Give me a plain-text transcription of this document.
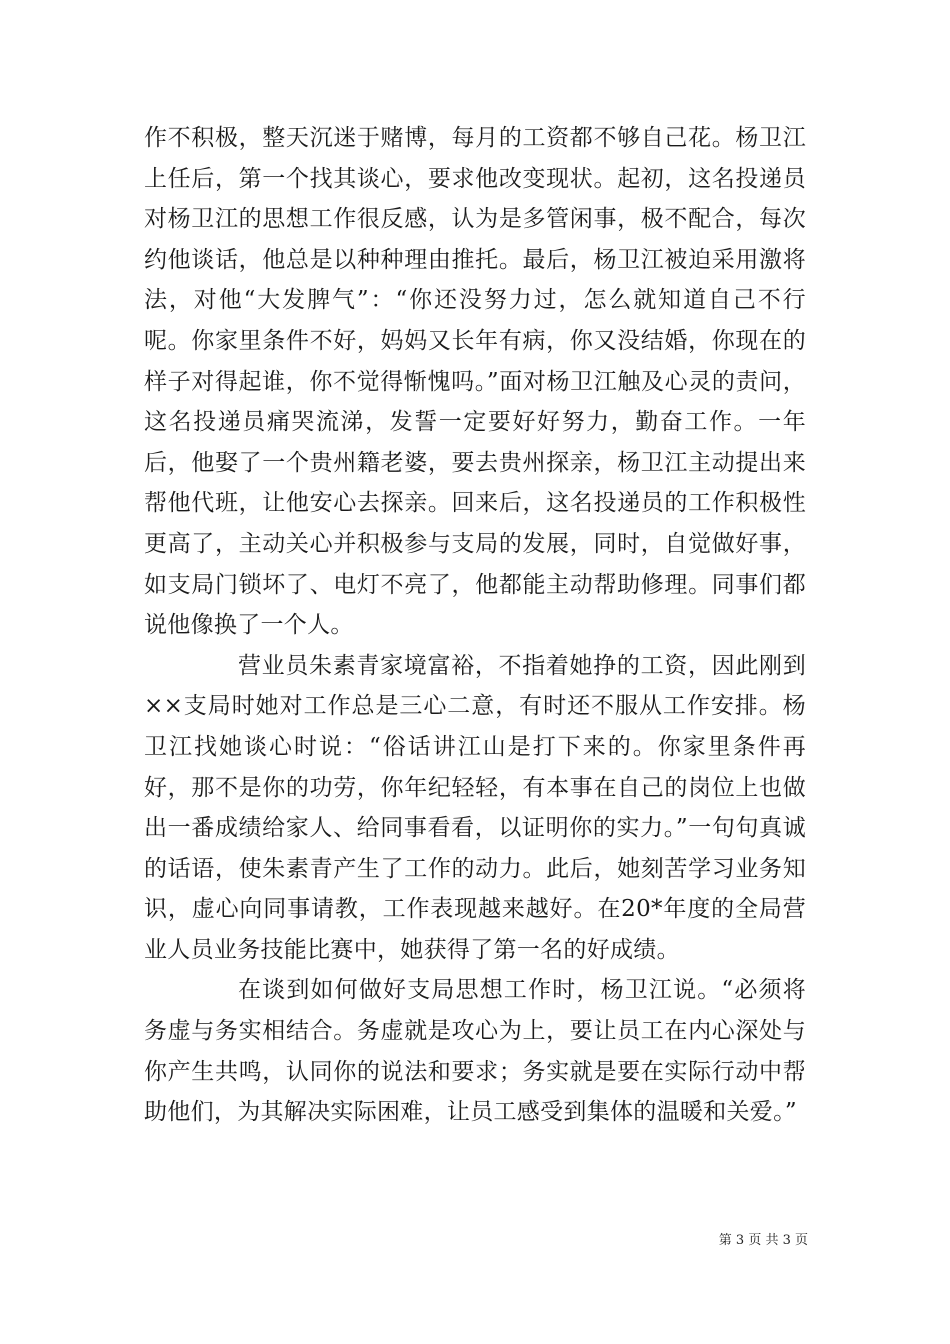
作不积极，整天沉迷于赌博，每月的工资都不够自己花。杨卫江上任后，第一个找其谈心，要求他改变现状。起初，这名投递员对杨卫江的思想工作很反感，认为是多管闲事，极不配合，每次约他谈话，他总是以种种理由推托。最后，杨卫江被迫采用激将法，对他“大发脾气”：“你还没努力过，怎么就知道自己不行呢。你家里条件不好，妈妈又长年有病，你又没结婚，你现在的样子对得起谁，你不觉得惭愧吗。”面对杨卫江触及心灵的责问，这名投递员痛哭流涕，发誓一定要好好努力，勤奋工作。一年后，他娶了一个贵州籍老婆，要去贵州探亲，杨卫江主动提出来帮他代班，让他安心去探亲。回来后，这名投递员的工作积极性更高了，主动关心并积极参与支局的发展，同时，自觉做好事，如支局门锁坏了、电灯不亮了，他都能主动帮助修理。同事们都说他像换了一个人。

营业员朱素青家境富裕，不指着她挣的工资，因此刚到××支局时她对工作总是三心二意，有时还不服从工作安排。杨卫江找她谈心时说：“俗话讲江山是打下来的。你家里条件再好，那不是你的功劳，你年纪轻轻，有本事在自己的岗位上也做出一番成绩给家人、给同事看看，以证明你的实力。”一句句真诚的话语，使朱素青产生了工作的动力。此后，她刻苦学习业务知识，虚心向同事请教，工作表现越来越好。在20*年度的全局营业人员业务技能比赛中，她获得了第一名的好成绩。

在谈到如何做好支局思想工作时，杨卫江说。“必须将务虚与务实相结合。务虚就是攻心为上，要让员工在内心深处与你产生共鸣，认同你的说法和要求；务实就是要在实际行动中帮助他们，为其解决实际困难，让员工感受到集体的温暖和关爱。”

第 3 页 共 3 页
